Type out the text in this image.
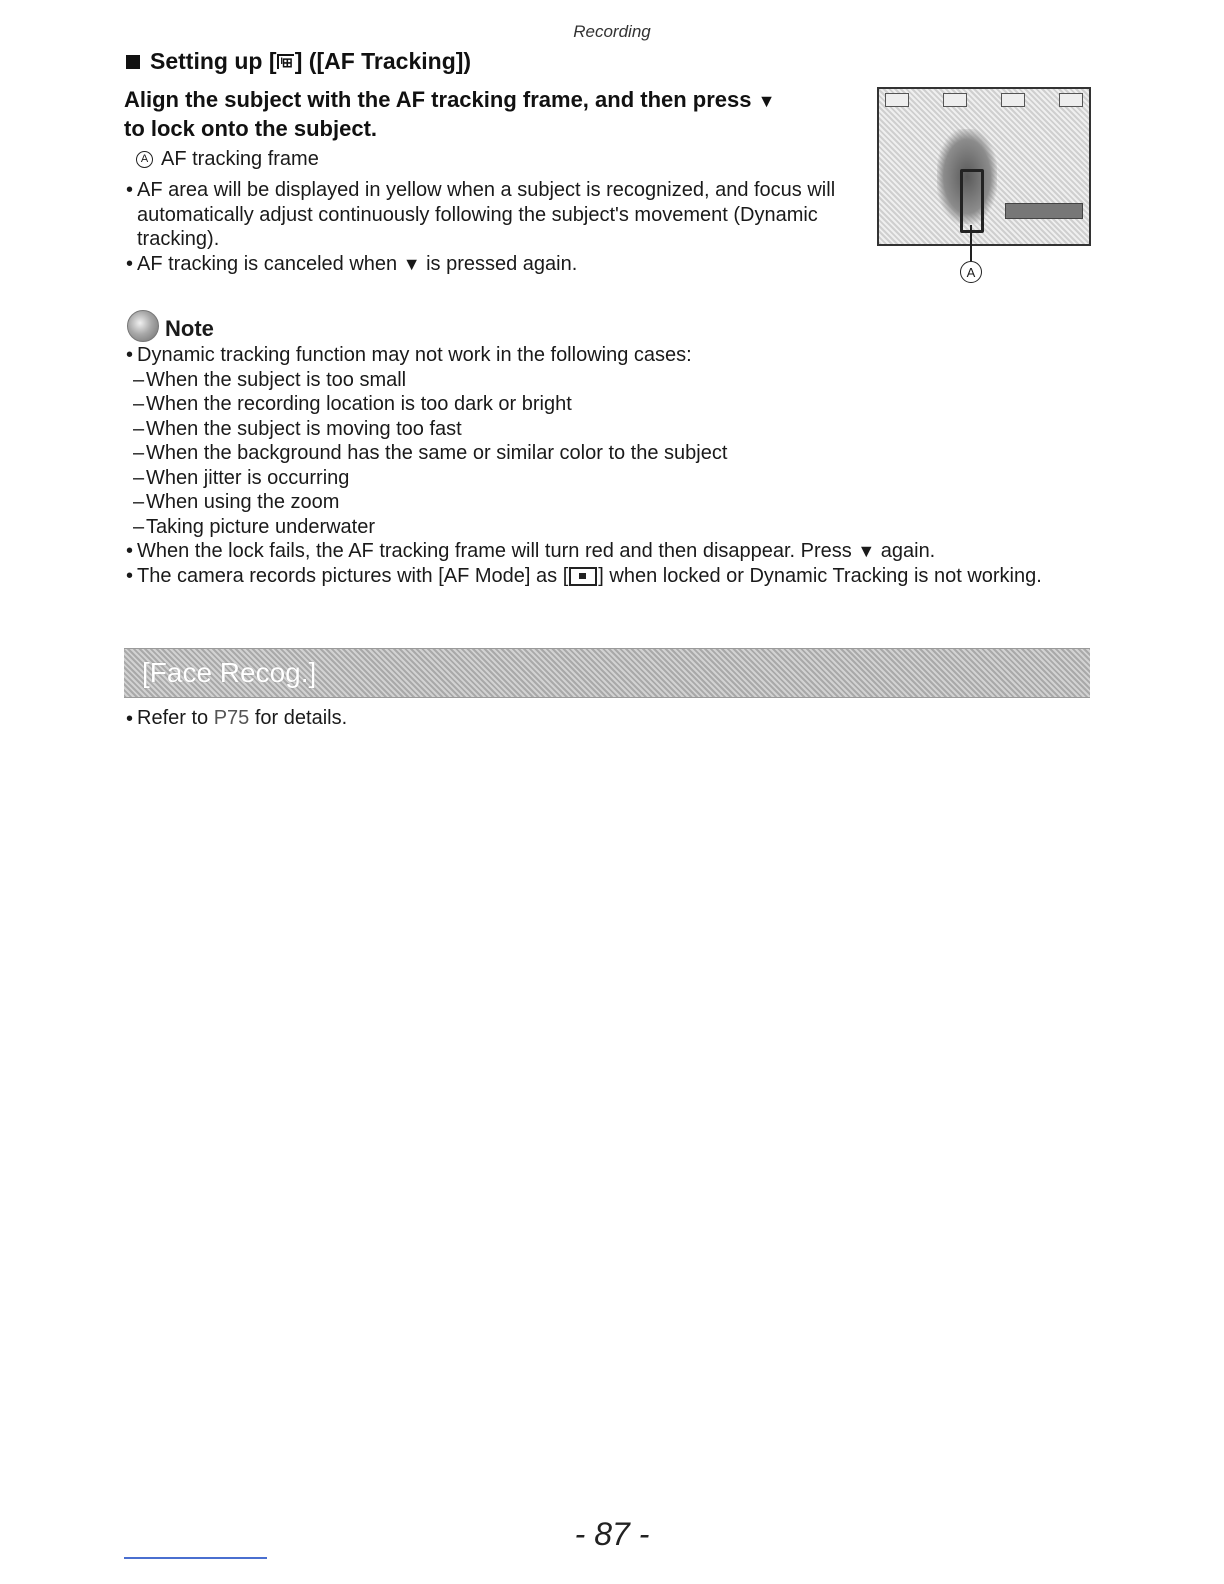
Recording
Setting up [ ᴵ⊞ ] ([AF Tracking])
Align the subject with the AF tracking frame, and then press ▼
to lock onto the subject.
A AF tracking frame
• AF area will be displayed in yellow when a subject is recognized, and focus will automatically adjust continuously following the subject's movement (Dynamic tracking).
• AF tracking is canceled when ▼ is pressed again.	A
Note
• Dynamic tracking function may not work in the following cases:
– When the subject is too small
– When the recording location is too dark or bright
– When the subject is moving too fast
– When the background has the same or similar color to the subject
– When jitter is occurring
– When using the zoom
– Taking picture underwater
• When the lock fails, the AF tracking frame will turn red and then disappear. Press ▼ again.
• The camera records pictures with [AF Mode] as [ ] when locked or Dynamic Tracking is not working.
[Face Recog.]
• Refer to P75 for details.
- 87 -
